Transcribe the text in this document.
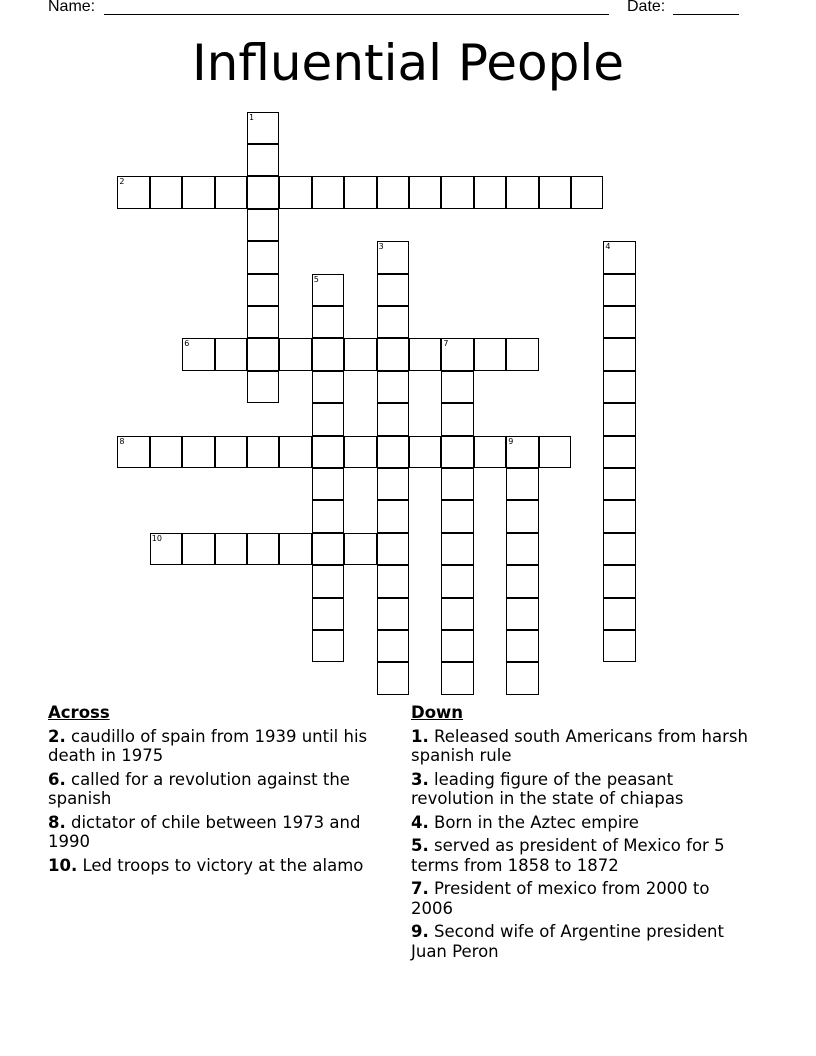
Name:	Date:
Influential People
1
2
3	4
5
6	7
8	9
10
Across
2. caudillo of spain from 1939 until his death in 1975
6. called for a revolution against the spanish
8. dictator of chile between 1973 and 1990
10. Led troops to victory at the alamo
Down
1. Released south Americans from harsh spanish rule
3. leading figure of the peasant revolution in the state of chiapas
4. Born in the Aztec empire
5. served as president of Mexico for 5 terms from 1858 to 1872
7. President of mexico from 2000 to 2006
9. Second wife of Argentine president Juan Peron
